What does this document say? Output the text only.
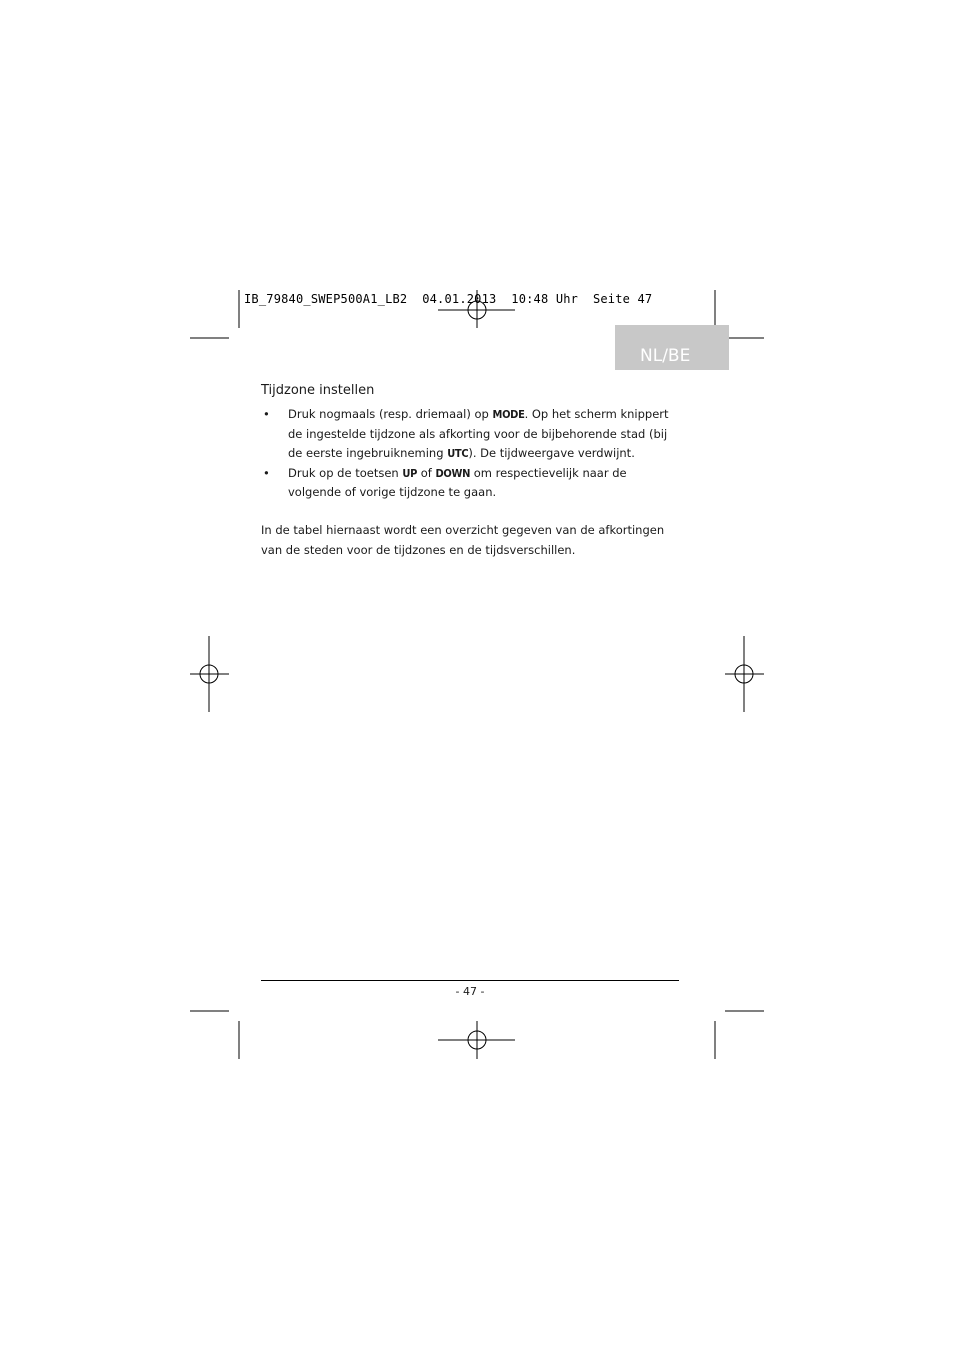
IB_79840_SWEP500A1_LB2  04.01.2013  10:48 Uhr  Seite 47
NL/BE
Tijdzone instellen
• Druk nogmaals (resp. driemaal) op MODE. Op het scherm knippert de ingestelde tijdzone als afkorting voor de bijbehorende stad (bij de eerste ingebruikneming UTC). De tijdweergave verdwijnt.
• Druk op de toetsen UP of DOWN om respectievelijk naar de volgende of vorige tijdzone te gaan.

In de tabel hiernaast wordt een overzicht gegeven van de afkortingen van de steden voor de tijdzones en de tijdsverschillen.

- 47 -
